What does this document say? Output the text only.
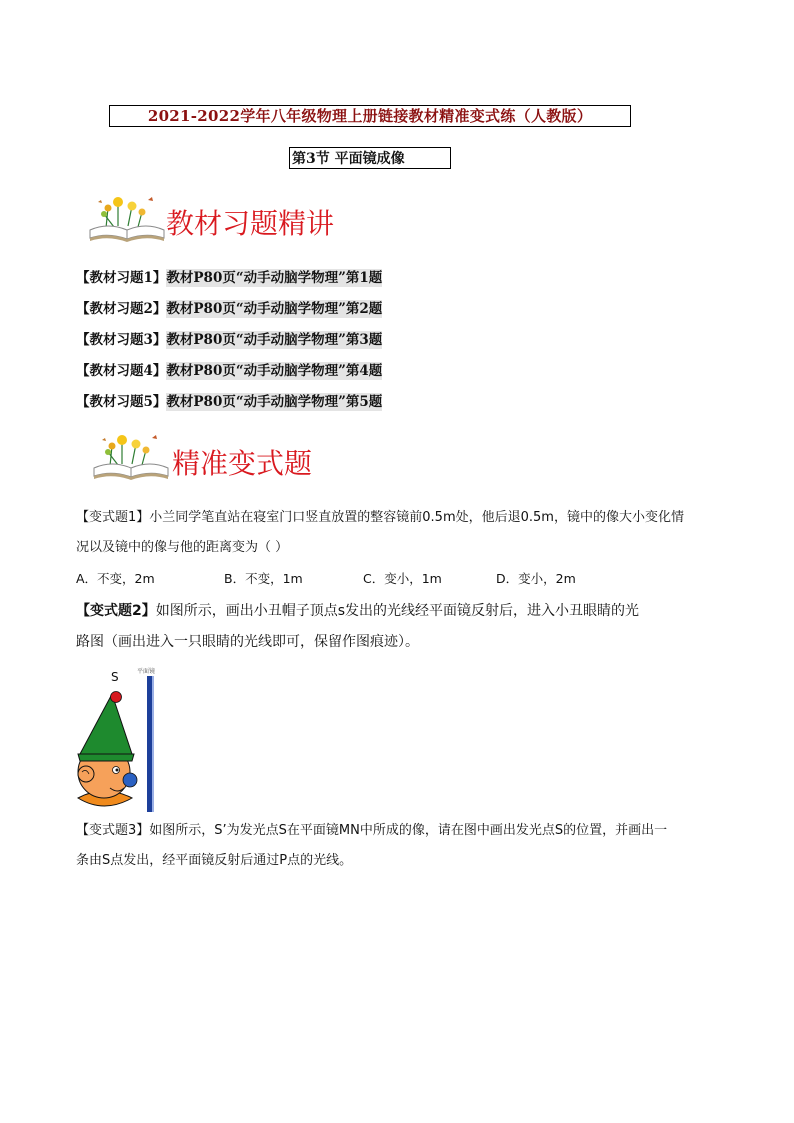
2021-2022学年八年级物理上册链接教材精准变式练（人教版）
第3节 平面镜成像
教材习题精讲
【教材习题1】教材P80页“动手动脑学物理”第1题
【教材习题2】教材P80页“动手动脑学物理”第2题
【教材习题3】教材P80页“动手动脑学物理”第3题
【教材习题4】教材P80页“动手动脑学物理”第4题
【教材习题5】教材P80页“动手动脑学物理”第5题
精准变式题
【变式题1】小兰同学笔直站在寝室门口竖直放置的整容镜前0.5m处，他后退0.5m，镜中的像大小变化情
况以及镜中的像与他的距离变为（ ）
A．不变，2m	B．不变，1m	C．变小，1m	D．变小，2m
【变式题2】如图所示，画出小丑帽子顶点s发出的光线经平面镜反射后，进入小丑眼睛的光
路图（画出进入一只眼睛的光线即可，保留作图痕迹）。
S	平面镜
【变式题3】如图所示，S’为发光点S在平面镜MN中所成的像，请在图中画出发光点S的位置，并画出一
条由S点发出，经平面镜反射后通过P点的光线。
